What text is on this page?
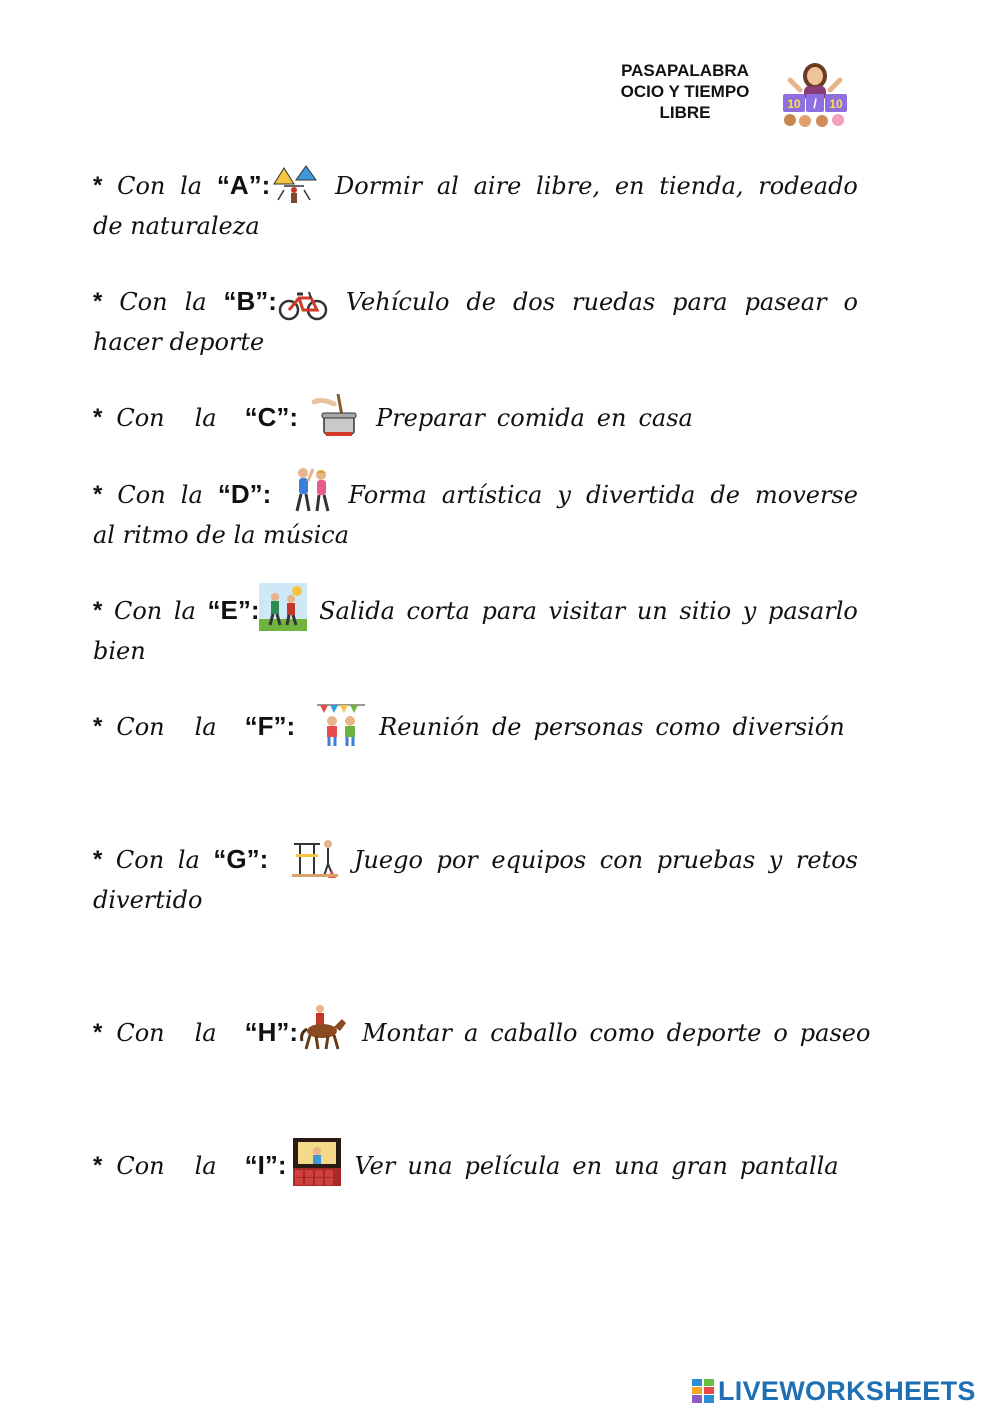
PASAPALABRA
OCIO Y TIEMPO
LIBRE	10 / 10
* Con la “A”:	Dormir al aire libre, en tienda, rodeado
de naturaleza
* Con la “B”:	Vehículo de dos ruedas para pasear o
hacer deporte
* Con la “C”:	Preparar comida en casa
* Con la “D”:	Forma artística y divertida de moverse
al ritmo de la música
* Con la “E”:	Salida corta para visitar un sitio y pasarlo
bien
* Con la “F”:	Reunión de personas como diversión
* Con la “G”:	Juego por equipos con pruebas y retos
divertido
* Con la “H”:	Montar a caballo como deporte o paseo
* Con la “I”:	Ver una película en una gran pantalla
LIVEWORKSHEETS
